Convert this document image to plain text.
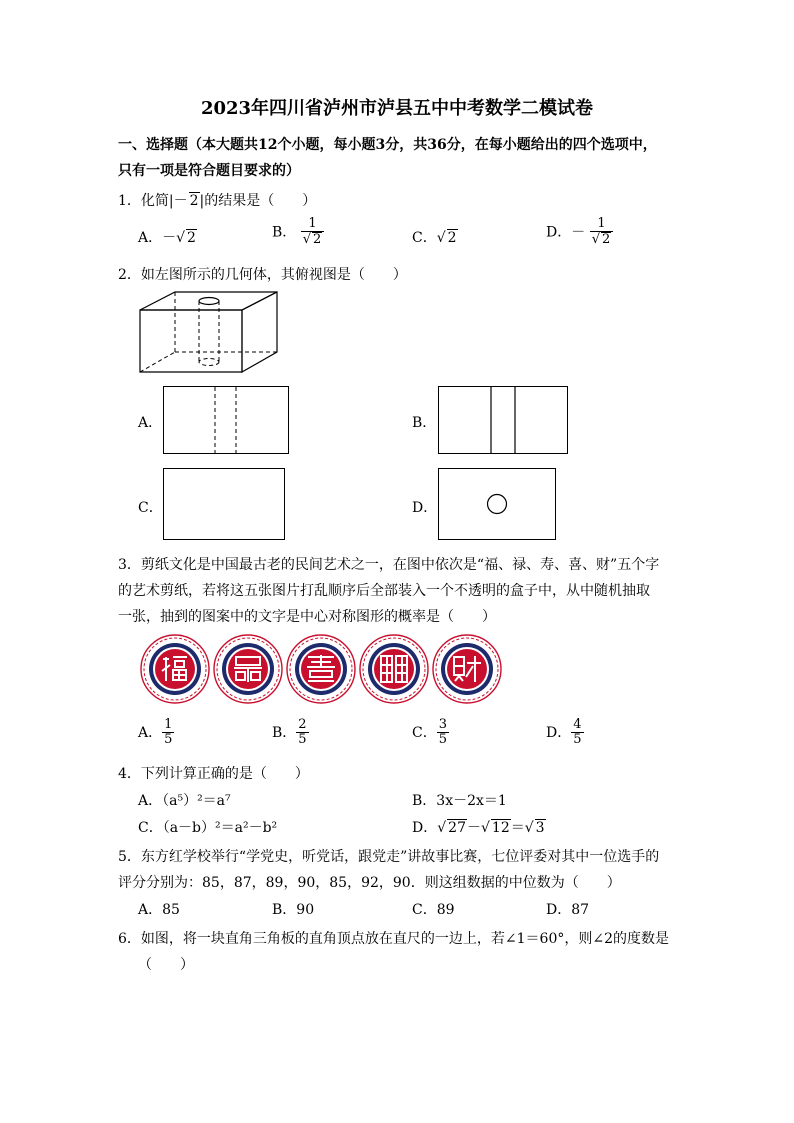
2023年四川省泸州市泸县五中中考数学二模试卷
一、选择题（本大题共12个小题，每小题3分，共36分，在每小题给出的四个选项中，
只有一项是符合题目要求的）
1．化简|－ 2|的结果是（　　）
A．－√ 2	B． $\frac{1}{√ 2}$	C．√ 2	D．－ $\frac{1}{√ 2}$
2．如左图所示的几何体，其俯视图是（　　）
A．	B．
C．	D．
3．剪纸文化是中国最古老的民间艺术之一，在图中依次是“福、禄、寿、喜、财”五个字
的艺术剪纸，若将这五张图片打乱顺序后全部装入一个不透明的盒子中，从中随机抽取
一张，抽到的图案中的文字是中心对称图形的概率是（　　）
A． $\frac{1}{5}$	B． $\frac{2}{5}$	C． $\frac{3}{5}$	D． $\frac{4}{5}$
4．下列计算正确的是（　　）
A．（a⁵）²＝a⁷	B．3x－2x＝1
C．（a－b）²＝a²－b²	D．√ 27－√ 12＝√ 3
5．东方红学校举行“学党史，听党话，跟党走”讲故事比赛，七位评委对其中一位选手的
评分分别为：85，87，89，90，85，92，90．则这组数据的中位数为（　　）
A．85	B．90	C．89	D．87
6．如图，将一块直角三角板的直角顶点放在直尺的一边上，若∠1＝60°，则∠2的度数是
（　　）
